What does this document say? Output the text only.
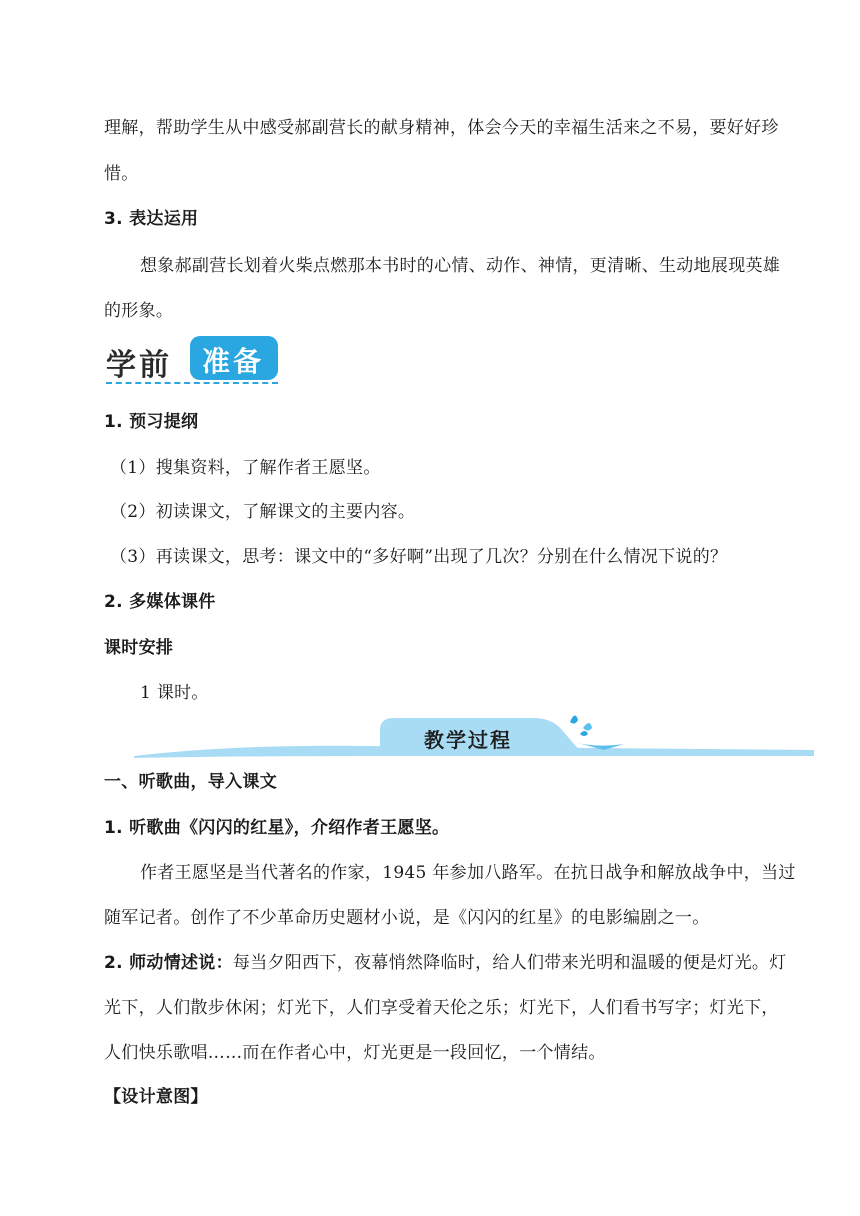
理解，帮助学生从中感受郝副营长的献身精神，体会今天的幸福生活来之不易，要好好珍
惜。
3. 表达运用
想象郝副营长划着火柴点燃那本书时的心情、动作、神情，更清晰、生动地展现英雄
的形象。
学前 准备
1. 预习提纲
（1）搜集资料，了解作者王愿坚。
（2）初读课文，了解课文的主要内容。
（3）再读课文，思考：课文中的“多好啊”出现了几次？分别在什么情况下说的？
2. 多媒体课件
课时安排
1 课时。
教学过程
一、听歌曲，导入课文
1. 听歌曲《闪闪的红星》，介绍作者王愿坚。
作者王愿坚是当代著名的作家，1945 年参加八路军。在抗日战争和解放战争中，当过
随军记者。创作了不少革命历史题材小说，是《闪闪的红星》的电影编剧之一。
2. 师动情述说：每当夕阳西下，夜幕悄然降临时，给人们带来光明和温暖的便是灯光。灯
光下，人们散步休闲；灯光下，人们享受着天伦之乐；灯光下，人们看书写字；灯光下，
人们快乐歌唱……而在作者心中，灯光更是一段回忆，一个情结。
【设计意图】
